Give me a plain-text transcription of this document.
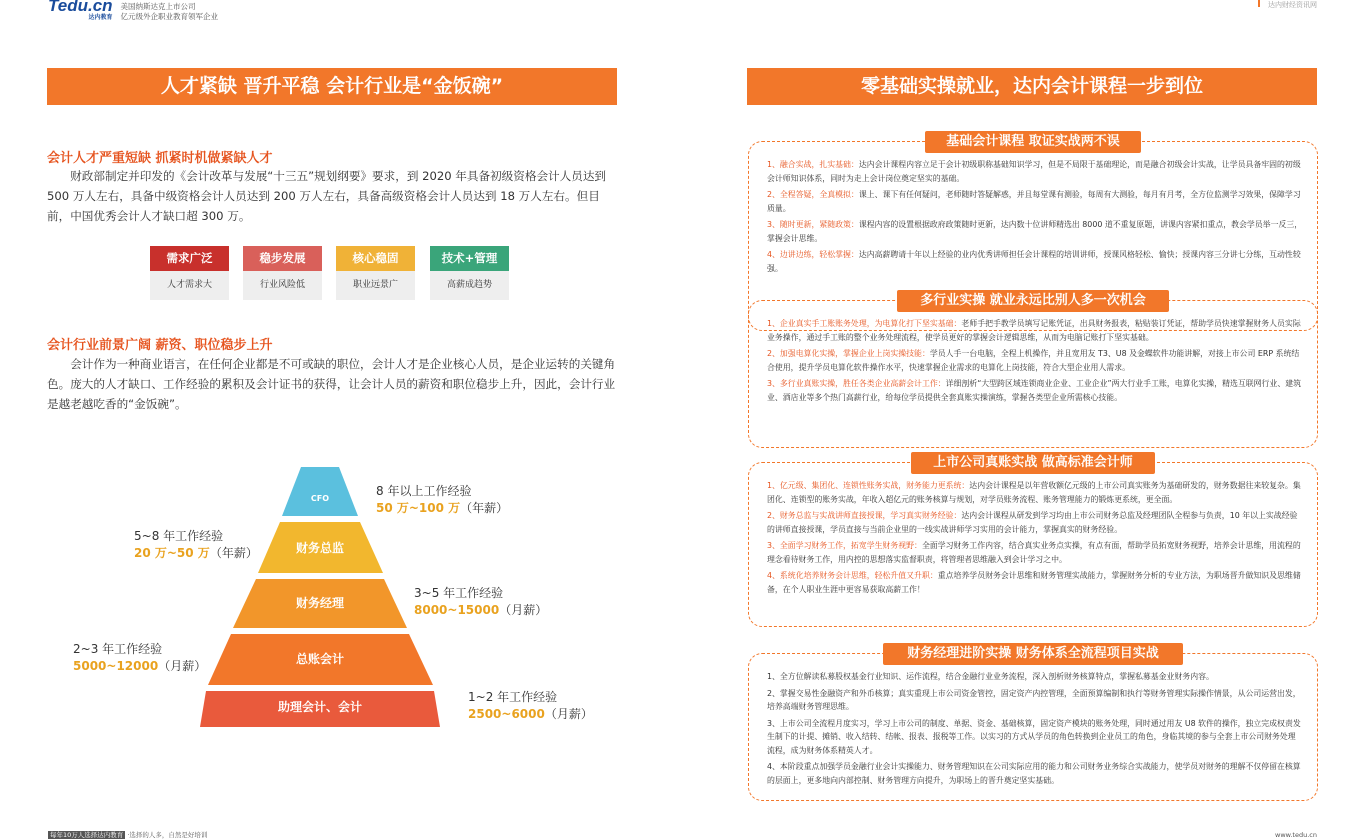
Tedu.cn
达内教育
美国纳斯达克上市公司
亿元级外企职业教育领军企业
达内财经资讯网
人才紧缺 晋升平稳 会计行业是“金饭碗”
会计人才严重短缺 抓紧时机做紧缺人才
财政部制定并印发的《会计改革与发展“十三五”规划纲要》要求，到 2020 年具备初级资格会计人员达到 500 万人左右，具备中级资格会计人员达到 200 万人左右，具备高级资格会计人员达到 18 万人左右。但目前，中国优秀会计人才缺口超 300 万。
需求广泛
人才需求大
稳步发展
行业风险低
核心稳固
职业远景广
技术+管理
高薪成趋势
会计行业前景广阔 薪资、职位稳步上升
会计作为一种商业语言，在任何企业都是不可或缺的职位，会计人才是企业核心人员，是企业运转的关键角色。庞大的人才缺口、工作经验的累积及会计证书的获得，让会计人员的薪资和职位稳步上升，因此，会计行业是越老越吃香的“金饭碗”。
CFO
财务总监
财务经理
总账会计
助理会计、会计
8 年以上工作经验
50 万~100 万（年薪）
5~8 年工作经验
20 万~50 万（年薪）
3~5 年工作经验
8000~15000（月薪）
2~3 年工作经验
5000~12000（月薪）
1~2 年工作经验
2500~6000（月薪）
零基础实操就业，达内会计课程一步到位
基础会计课程 取证实战两不误
1、融合实战，扎实基础：达内会计课程内容立足于会计初级职称基础知识学习，但是不局限于基础理论，而是融合初级会计实战，让学员具备牢固的初级会计师知识体系，同时为走上会计岗位奠定坚实的基础。
2、全程答疑，全真模拟：课上、课下有任何疑问，老师随时答疑解惑，并且每堂课有测验，每周有大测验，每月有月考，全方位监测学习效果，保障学习质量。
3、随时更新，紧随政策：课程内容的设置根据政府政策随时更新，达内数十位讲师精选出 8000 道不重复原题，讲课内容紧扣重点，教会学员举一反三，掌握会计思维。
4、边讲边练，轻松掌握：达内高薪聘请十年以上经验的业内优秀讲师担任会计课程的培训讲师，授课风格轻松、愉快；授课内容三分讲七分练，互动性较强。
多行业实操 就业永远比别人多一次机会
1、企业真实手工账账务处理，为电算化打下坚实基础：老师手把手教学员填写记账凭证，出具财务报表，粘贴装订凭证，帮助学员快速掌握财务人员实际业务操作，通过手工账的整个业务处理流程，使学员更好的掌握会计逻辑思维，从而为电脑记账打下坚实基础。
2、加强电算化实操，掌握企业上岗实操技能：学员人手一台电脑，全程上机操作，并且宽用友 T3、U8 及金蝶软件功能讲解，对接上市公司 ERP 系统结合使用，提升学员电算化软件操作水平，快速掌握企业需求的电算化上岗技能，符合大型企业用人需求。
3、多行业真账实操，胜任各类企业高薪会计工作：详细剖析“大型跨区域连锁商业企业、工业企业”两大行业手工账，电算化实操，精选互联网行业、建筑业、酒店业等多个热门高薪行业，给每位学员提供全套真账实操演练，掌握各类型企业所需核心技能。
上市公司真账实战 做高标准会计师
1、亿元级、集团化、连锁性账务实战，财务能力更系统：达内会计课程是以年营收额亿元级的上市公司真实账务为基础研发的，财务数据往来较复杂。集团化、连锁型的账务实战，年收入超亿元的账务核算与规划，对学员账务流程、账务管理能力的锻炼更系统，更全面。
2、财务总监与实战讲师直接授课，学习真实财务经验：达内会计课程从研发到学习均由上市公司财务总监及经理团队全程参与负责，10 年以上实战经验的讲师直接授课，学员直接与当前企业里的一线实战讲师学习实用的会计能力，掌握真实的财务经验。
3、全面学习财务工作，拓宽学生财务视野：全面学习财务工作内容，结合真实业务点实操，有点有面，帮助学员拓宽财务视野，培养会计思维，用流程的理念看待财务工作，用内控的思想落实监督职责，将管理者思维融入到会计学习之中。
4、系统化培养财务会计思维，轻松升值又升职：重点培养学员财务会计思维和财务管理实战能力，掌握财务分析的专业方法，为职场晋升做知识及思维储备，在个人职业生涯中更容易获取高薪工作！
财务经理进阶实操 财务体系全流程项目实战
1、全方位解读私募股权基金行业知识、运作流程，结合金融行业业务流程，深入剖析财务核算特点，掌握私募基金业财务内容。
2、掌握交易性金融资产和外币核算；真实重现上市公司资金管控，固定资产内控管理，全面预算编制和执行等财务管理实际操作情景，从公司运营出发，培养高端财务管理思维。
3、上市公司全流程月度实习，学习上市公司的制度、单据、资金、基础核算，固定资产模块的账务处理，同时通过用友 U8 软件的操作，独立完成权责发生制下的计提、摊销、收入结转、结帐、报表、报税等工作。以实习的方式从学员的角色转换到企业员工的角色，身临其境的参与全套上市公司财务处理流程，成为财务体系精英人才。
4、本阶段重点加强学员金融行业会计实操能力、财务管理知识在公司实际应用的能力和公司财务业务综合实战能力，使学员对财务的理解不仅停留在核算的层面上，更多地向内部控制、财务管理方向提升，为职场上的晋升奠定坚实基础。
每年10万人选择达内教育 ·选择的人多，自然是好培训	www.tedu.cn
